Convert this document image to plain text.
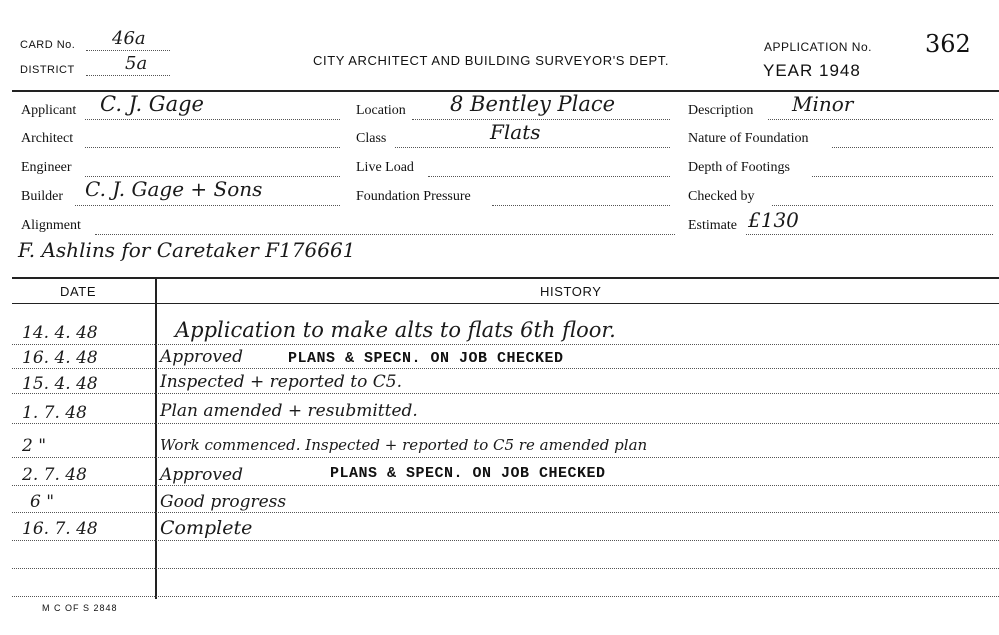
CARD No. 46a
DISTRICT	5a	CITY ARCHITECT AND BUILDING SURVEYOR'S DEPT.
APPLICATION No. 362
YEAR 1948
Applicant C. J. Gage
Architect
Engineer
Builder C. J. Gage + Sons
Alignment
Location 8 Bentley Place
Class	Flats
Live Load
Foundation Pressure
Description Minor
Nature of Foundation
Depth of Footings
Checked by
Estimate £130
F. Ashlins for Caretaker F176661
DATE	HISTORY
14. 4. 48	Application to make alts to flats 6th floor.
16. 4. 48	Approved	PLANS & SPECN. ON JOB CHECKED
15. 4. 48	Inspected + reported to C5.
1. 7. 48	Plan amended + resubmitted.
2 "	Work commenced. Inspected + reported to C5 re amended plan
2. 7. 48	Approved	PLANS & SPECN. ON JOB CHECKED
6 "	Good progress
16. 7. 48	Complete
M C OF S 2848
